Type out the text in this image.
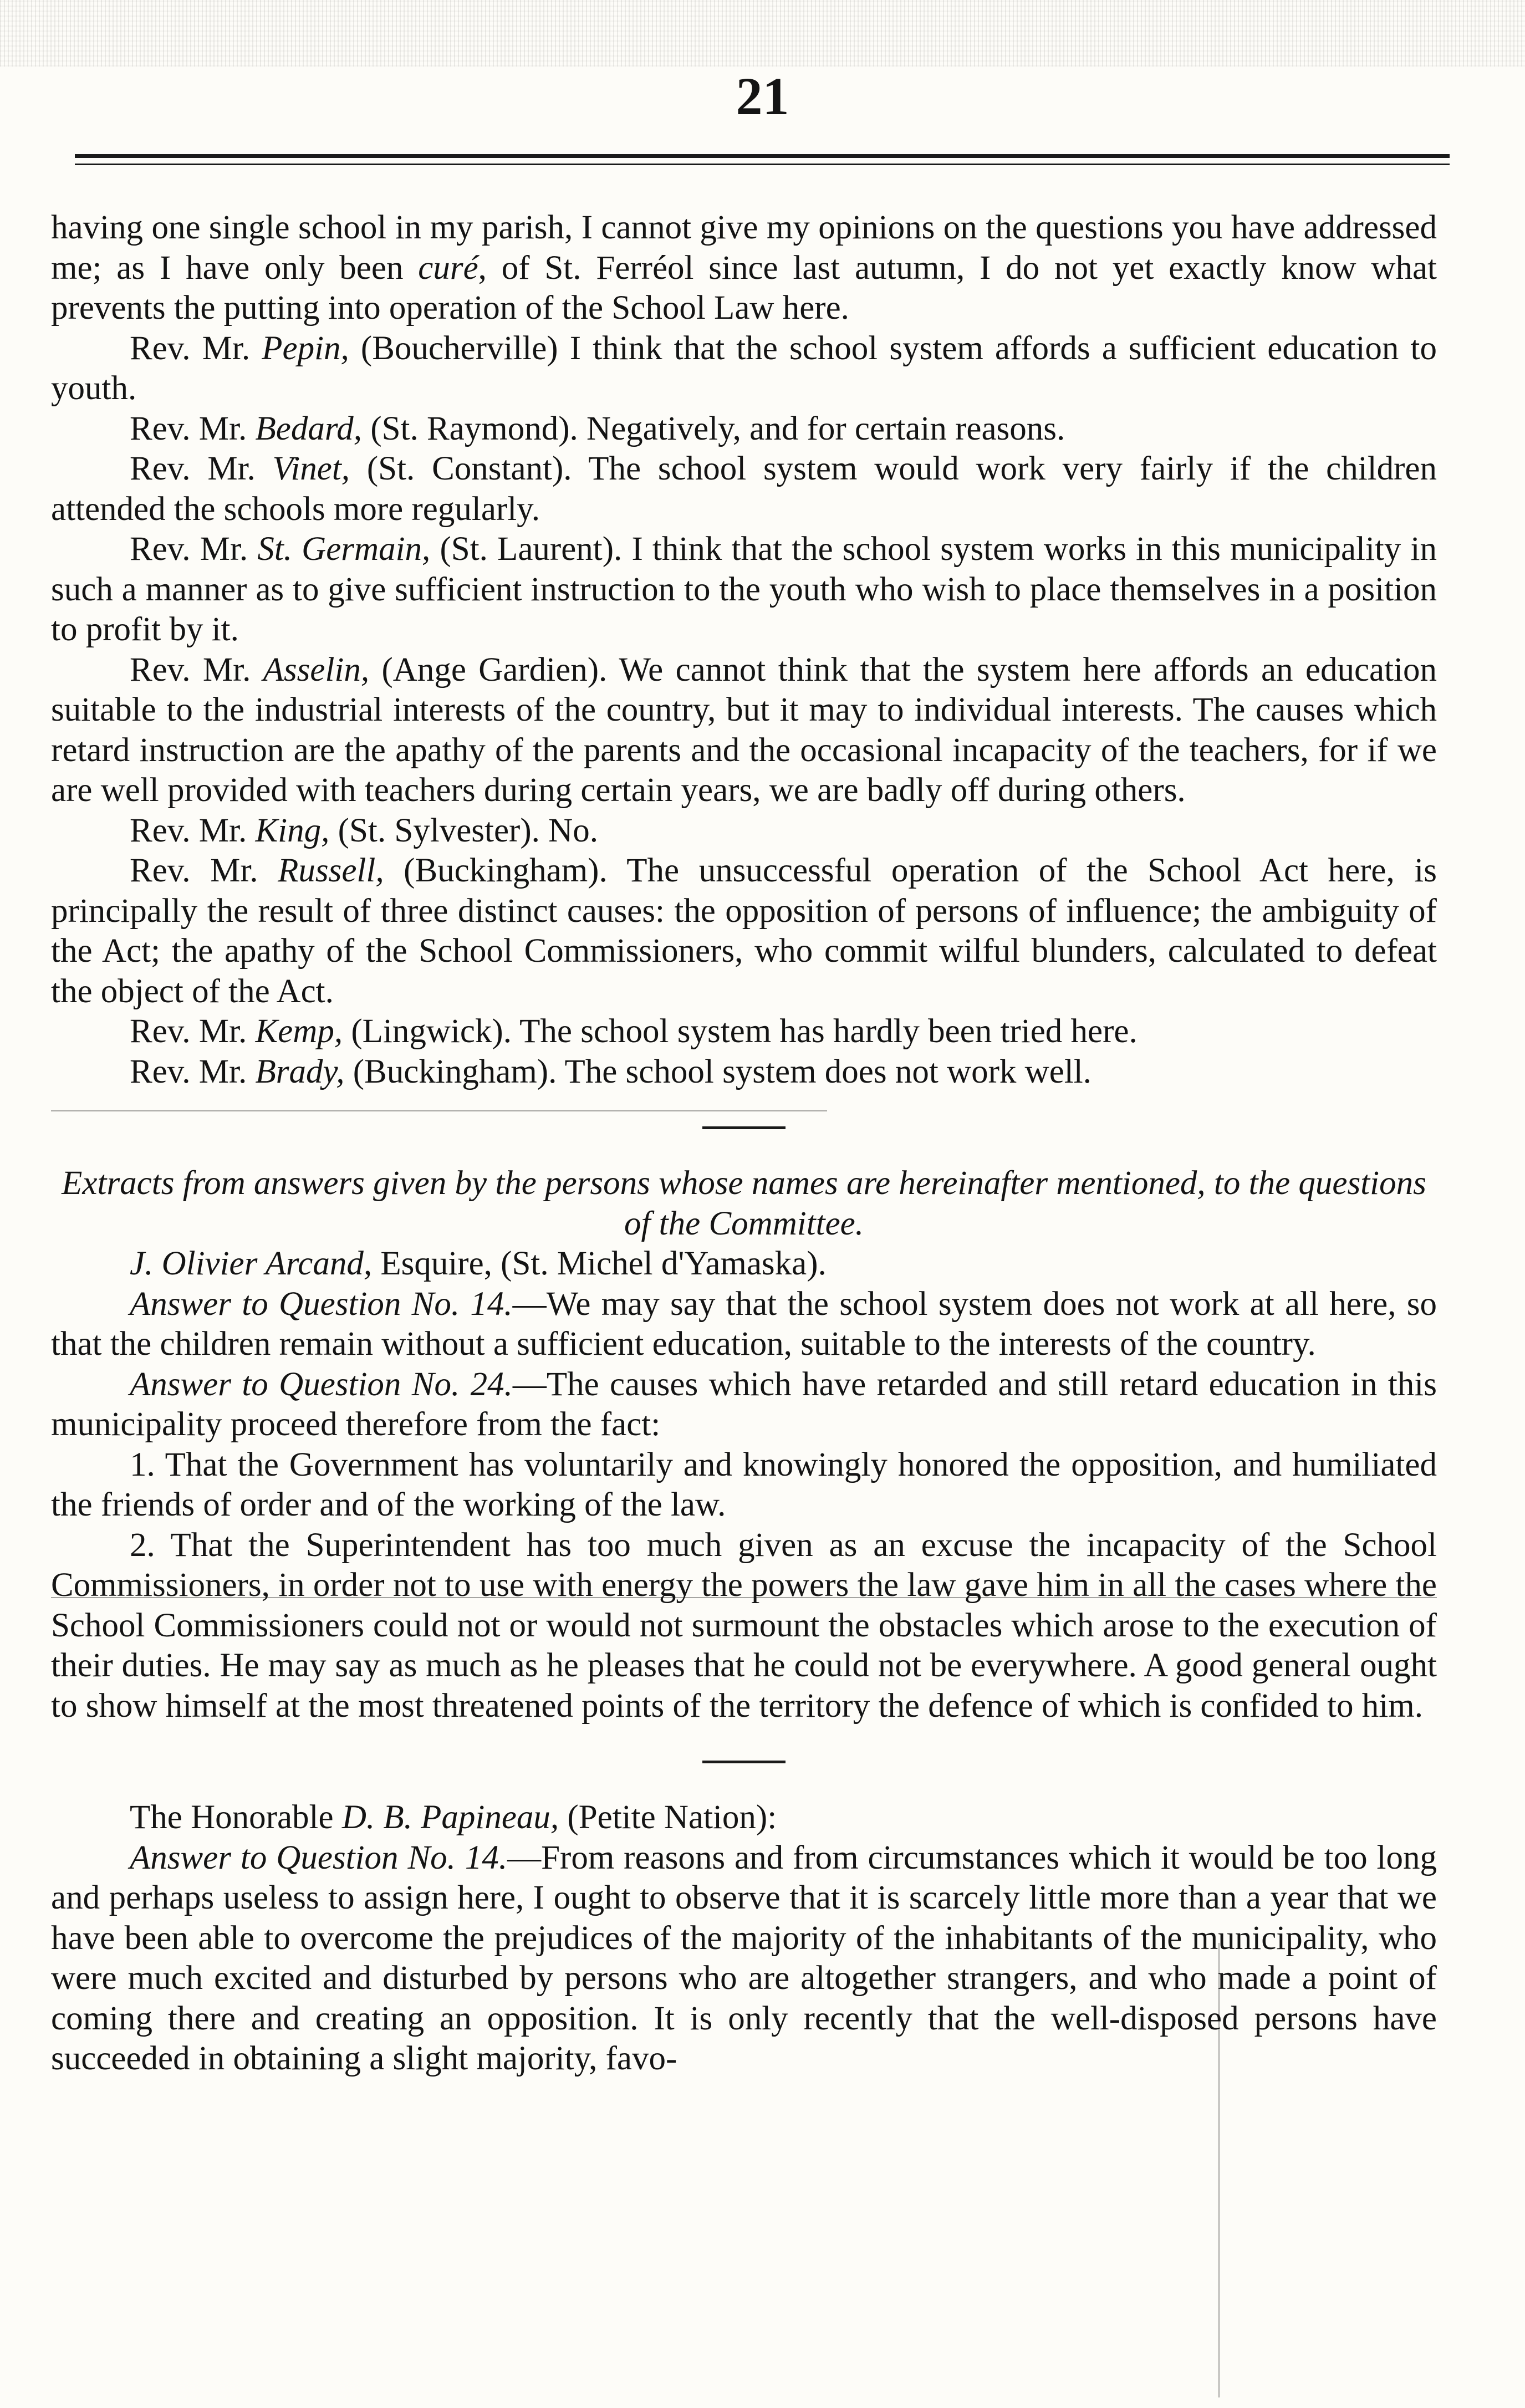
21

having one single school in my parish, I cannot give my opinions on the questions you have addressed me; as I have only been curé, of St. Ferréol since last autumn, I do not yet exactly know what prevents the putting into operation of the School Law here.

Rev. Mr. Pepin, (Boucherville) I think that the school system affords a sufficient education to youth.

Rev. Mr. Bedard, (St. Raymond). Negatively, and for certain reasons.

Rev. Mr. Vinet, (St. Constant). The school system would work very fairly if the children attended the schools more regularly.

Rev. Mr. St. Germain, (St. Laurent). I think that the school system works in this municipality in such a manner as to give sufficient instruction to the youth who wish to place themselves in a position to profit by it.

Rev. Mr. Asselin, (Ange Gardien). We cannot think that the system here affords an education suitable to the industrial interests of the country, but it may to individual interests. The causes which retard instruction are the apathy of the parents and the occasional incapacity of the teachers, for if we are well provided with teachers during certain years, we are badly off during others.

Rev. Mr. King, (St. Sylvester). No.

Rev. Mr. Russell, (Buckingham). The unsuccessful operation of the School Act here, is principally the result of three distinct causes: the opposition of persons of influence; the ambiguity of the Act; the apathy of the School Commissioners, who commit wilful blunders, calculated to defeat the object of the Act.

Rev. Mr. Kemp, (Lingwick). The school system has hardly been tried here.

Rev. Mr. Brady, (Buckingham). The school system does not work well.

Extracts from answers given by the persons whose names are hereinafter mentioned, to the questions of the Committee.

J. Olivier Arcand, Esquire, (St. Michel d'Yamaska).

Answer to Question No. 14.—We may say that the school system does not work at all here, so that the children remain without a sufficient education, suitable to the interests of the country.

Answer to Question No. 24.—The causes which have retarded and still retard education in this municipality proceed therefore from the fact:

1. That the Government has voluntarily and knowingly honored the opposition, and humiliated the friends of order and of the working of the law.

2. That the Superintendent has too much given as an excuse the incapacity of the School Commissioners, in order not to use with energy the powers the law gave him in all the cases where the School Commissioners could not or would not surmount the obstacles which arose to the execution of their duties. He may say as much as he pleases that he could not be everywhere. A good general ought to show himself at the most threatened points of the territory the defence of which is confided to him.

The Honorable D. B. Papineau, (Petite Nation):

Answer to Question No. 14.—From reasons and from circumstances which it would be too long and perhaps useless to assign here, I ought to observe that it is scarcely little more than a year that we have been able to overcome the prejudices of the majority of the inhabitants of the municipality, who were much excited and disturbed by persons who are altogether strangers, and who made a point of coming there and creating an opposition. It is only recently that the well-disposed persons have succeeded in obtaining a slight majority, favo-
